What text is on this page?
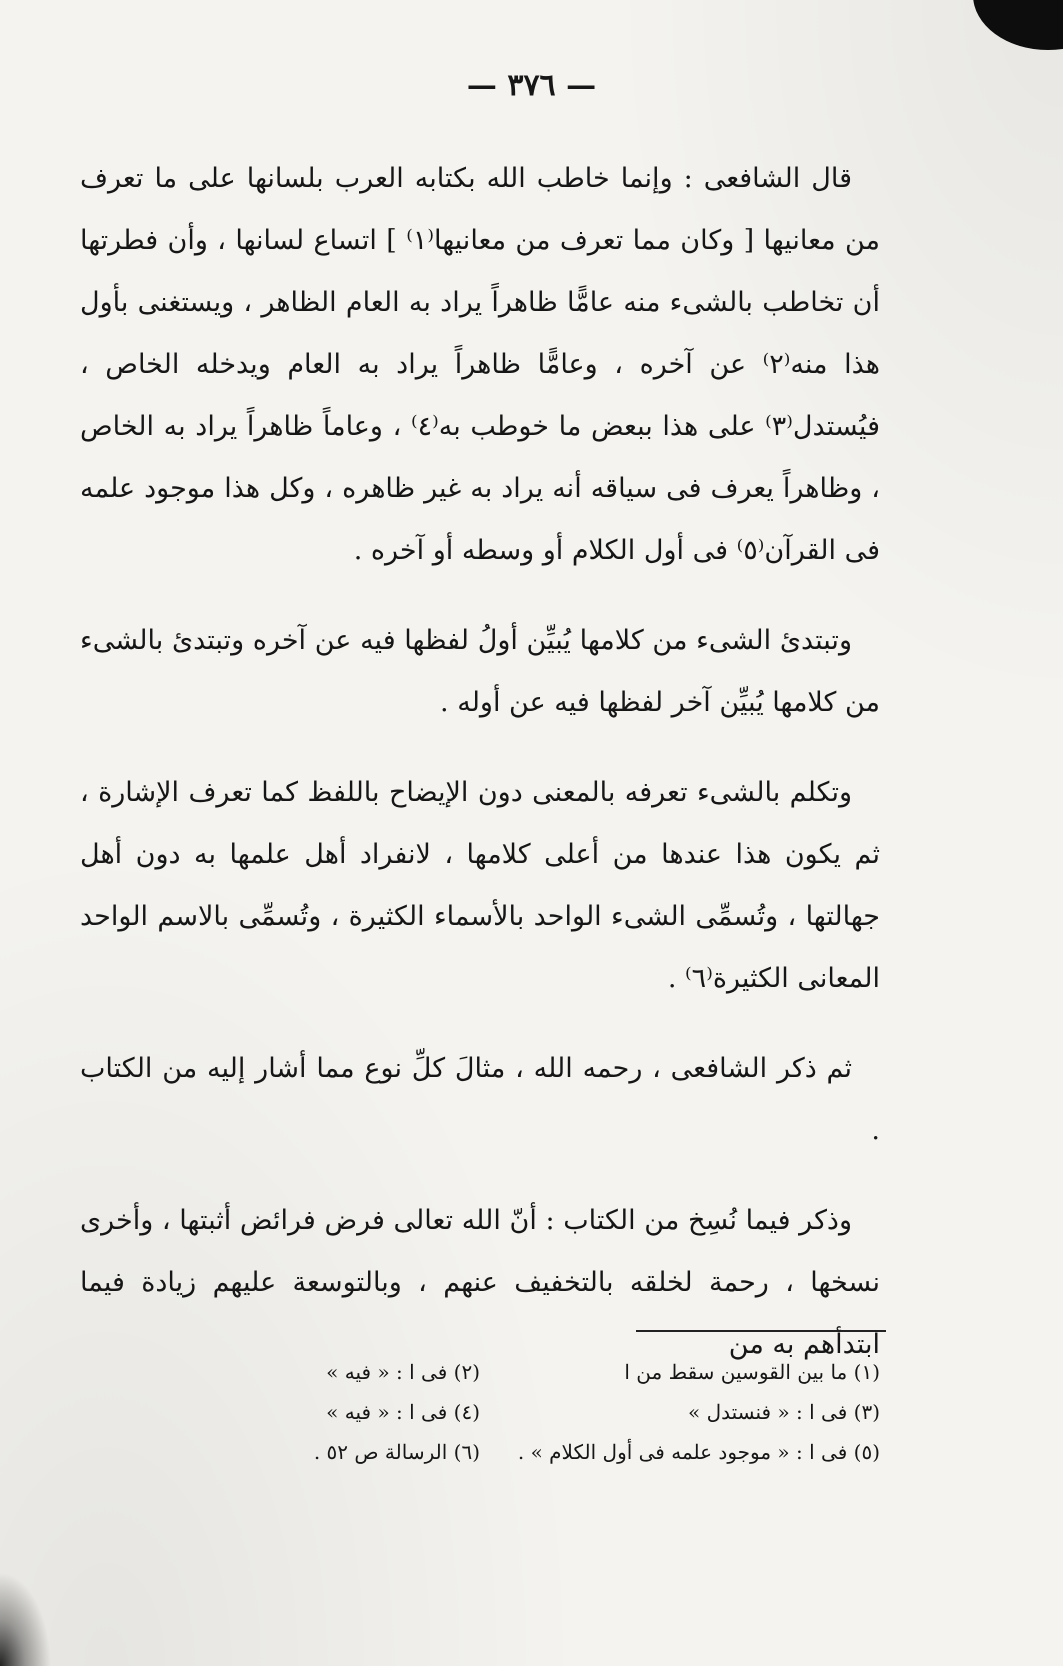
— ٣٧٦ —

قال الشافعى : وإنما خاطب الله بكتابه العرب بلسانها على ما تعرف من معانيها [ وكان مما تعرف من معانيها⁽١⁾ ] اتساع لسانها ، وأن فطرتها أن تخاطب بالشىء منه عامًّا ظاهراً يراد به العام الظاهر ، ويستغنى بأول هذا منه⁽٢⁾ عن آخره ، وعامًّا ظاهراً يراد به العام ويدخله الخاص ، فيُستدل⁽٣⁾ على هذا ببعض ما خوطب به⁽٤⁾ ، وعاماً ظاهراً يراد به الخاص ، وظاهراً يعرف فى سياقه أنه يراد به غير ظاهره ، وكل هذا موجود علمه فى القرآن⁽٥⁾ فى أول الكلام أو وسطه أو آخره .

وتبتدئ الشىء من كلامها يُبيِّن أولُ لفظها فيه عن آخره وتبتدئ بالشىء من كلامها يُبيِّن آخر لفظها فيه عن أوله .

وتكلم بالشىء تعرفه بالمعنى دون الإيضاح باللفظ كما تعرف الإشارة ، ثم يكون هذا عندها من أعلى كلامها ، لانفراد أهل علمها به دون أهل جهالتها ، وتُسمِّى الشىء الواحد بالأسماء الكثيرة ، وتُسمِّى بالاسم الواحد المعانى الكثيرة⁽٦⁾ .

ثم ذكر الشافعى ، رحمه الله ، مثالَ كلِّ نوع مما أشار إليه من الكتاب .

وذكر فيما نُسِخ من الكتاب : أنّ الله تعالى فرض فرائض أثبتها ، وأخرى نسخها ، رحمة لخلقه بالتخفيف عنهم ، وبالتوسعة عليهم زيادة فيما ابتدأهم به من

(١) ما بين القوسين سقط من ا
(٢) فى ا : « فيه »
(٣) فى ا : « فنستدل »
(٤) فى ا : « فيه »
(٥) فى ا : « موجود علمه فى أول الكلام » .
(٦) الرسالة ص ٥٢ .
